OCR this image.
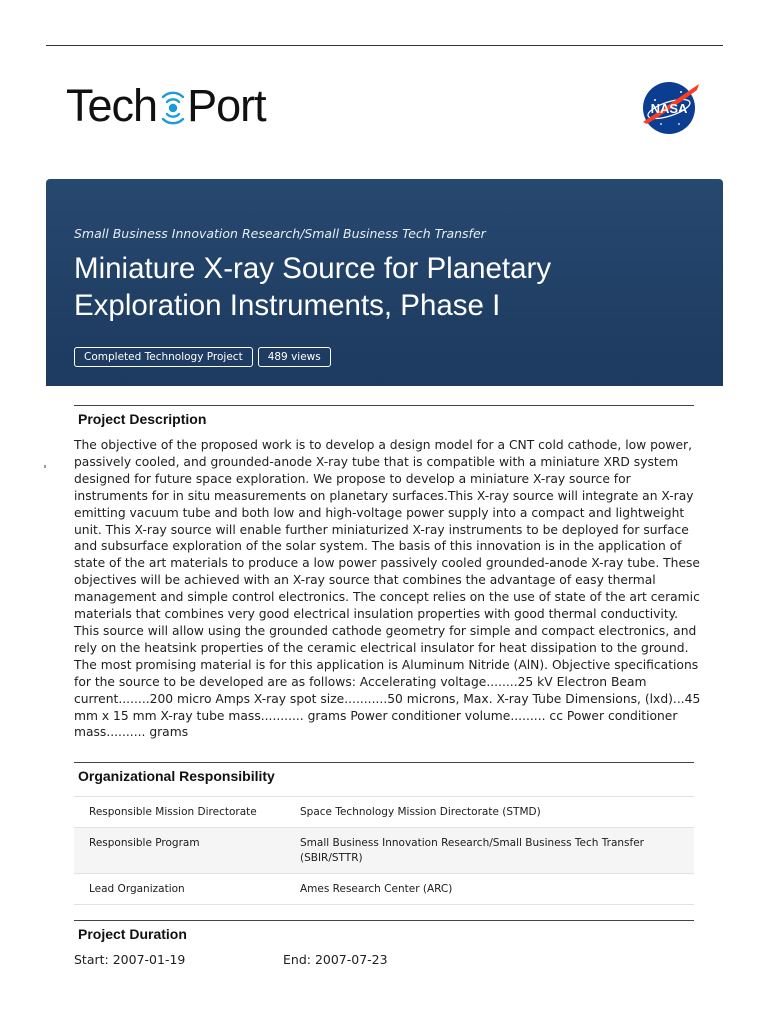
Tech Port	NASA
Small Business Innovation Research/Small Business Tech Transfer
Miniature X-ray Source for Planetary Exploration Instruments, Phase I
Completed Technology Project	489 views
Project Description
The objective of the proposed work is to develop a design model for a CNT cold cathode, low power, passively cooled, and grounded-anode X-ray tube that is compatible with a miniature XRD system designed for future space exploration. We propose to develop a miniature X-ray source for instruments for in situ measurements on planetary surfaces.This X-ray source will integrate an X-ray emitting vacuum tube and both low and high-voltage power supply into a compact and lightweight unit. This X-ray source will enable further miniaturized X-ray instruments to be deployed for surface and subsurface exploration of the solar system. The basis of this innovation is in the application of state of the art materials to produce a low power passively cooled grounded-anode X-ray tube. These objectives will be achieved with an X-ray source that combines the advantage of easy thermal management and simple control electronics. The concept relies on the use of state of the art ceramic materials that combines very good electrical insulation properties with good thermal conductivity. This source will allow using the grounded cathode geometry for simple and compact electronics, and rely on the heatsink properties of the ceramic electrical insulator for heat dissipation to the ground. The most promising material is for this application is Aluminum Nitride (AlN). Objective specifications for the source to be developed are as follows: Accelerating voltage........25 kV Electron Beam current........200 micro Amps X-ray spot size...........50 microns, Max. X-ray Tube Dimensions, (lxd)...45 mm x 15 mm X-ray tube mass........... grams Power conditioner volume......... cc Power conditioner mass.......... grams
Organizational Responsibility
Responsible Mission Directorate	Space Technology Mission Directorate (STMD)
Responsible Program	Small Business Innovation Research/Small Business Tech Transfer (SBIR/STTR)
Lead Organization	Ames Research Center (ARC)
Project Duration
Start: 2007-01-19	End: 2007-07-23
